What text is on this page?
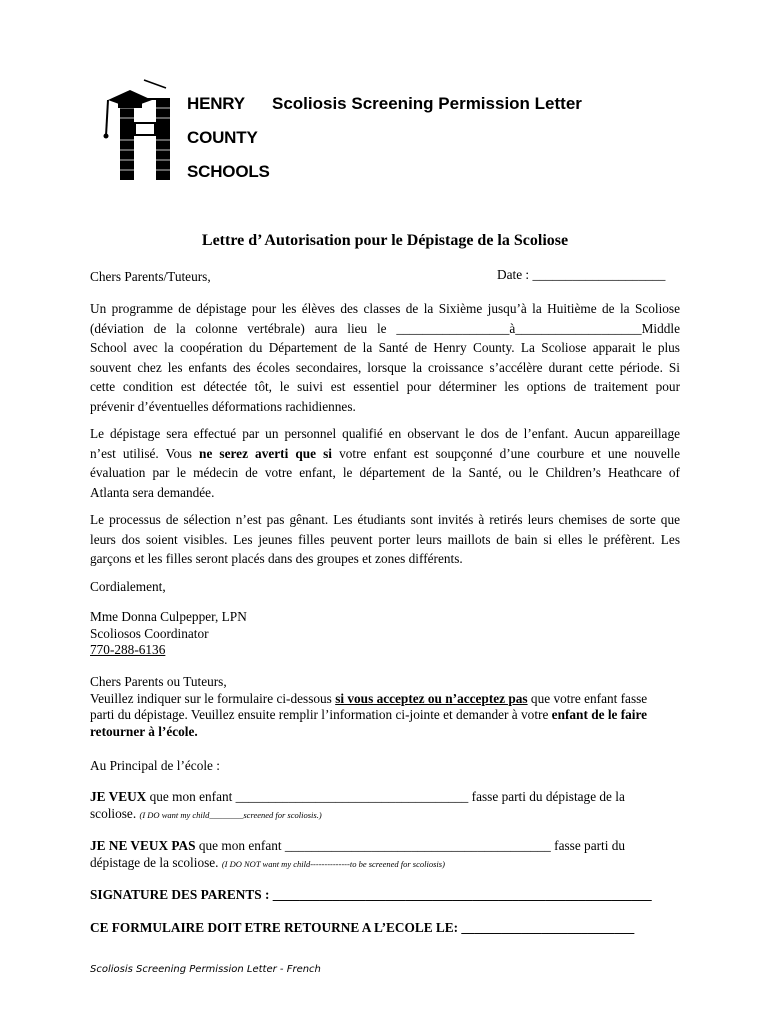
HENRY Scoliosis Screening Permission Letter
COUNTY
SCHOOLS
Lettre d’ Autorisation pour le Dépistage de la Scoliose
Chers Parents/Tuteurs,	Date : ____________________
Un programme de dépistage pour les élèves des classes de la Sixième jusqu’à la Huitième de la Scoliose
(déviation de la colonne vertébrale) aura lieu le _________________à___________________Middle
School avec la coopération du Département de la Santé de Henry County. La Scoliose apparait le plus
souvent chez les enfants des écoles secondaires, lorsque la croissance s’accélère durant cette période. Si
cette condition est détectée tôt, le suivi est essentiel pour déterminer les options de traitement pour
prévenir d’éventuelles déformations rachidiennes.
Le dépistage sera effectué par un personnel qualifié en observant le dos de l’enfant. Aucun appareillage
n’est utilisé. Vous ne serez averti que si votre enfant est soupçonné d’une courbure et une nouvelle
évaluation par le médecin de votre enfant, le département de la Santé, ou le Children’s Heathcare of
Atlanta sera demandée.
Le processus de sélection n’est pas gênant. Les étudiants sont invités à retirés leurs chemises de sorte que
leurs dos soient visibles. Les jeunes filles peuvent porter leurs maillots de bain si elles le préfèrent. Les
garçons et les filles seront placés dans des groupes et zones différents.
Cordialement,
Mme Donna Culpepper, LPN
Scoliosos Coordinator
770-288-6136
Chers Parents ou Tuteurs,
Veuillez indiquer sur le formulaire ci-dessous si vous acceptez ou n’acceptez pas que votre enfant fasse
parti du dépistage. Veuillez ensuite remplir l’information ci-jointe et demander à votre enfant de le faire
retourner à l’école.
Au Principal de l’école :
JE VEUX que mon enfant ___________________________________ fasse parti du dépistage de la
scoliose. (I DO want my child________screened for scoliosis.)
JE NE VEUX PAS que mon enfant ________________________________________ fasse parti du
dépistage de la scoliose. (I DO NOT want my child--------------to be screened for scoliosis)
SIGNATURE DES PARENTS : _________________________________________________________
CE FORMULAIRE DOIT ETRE RETOURNE A L’ECOLE LE: __________________________
Scoliosis Screening Permission Letter - French
